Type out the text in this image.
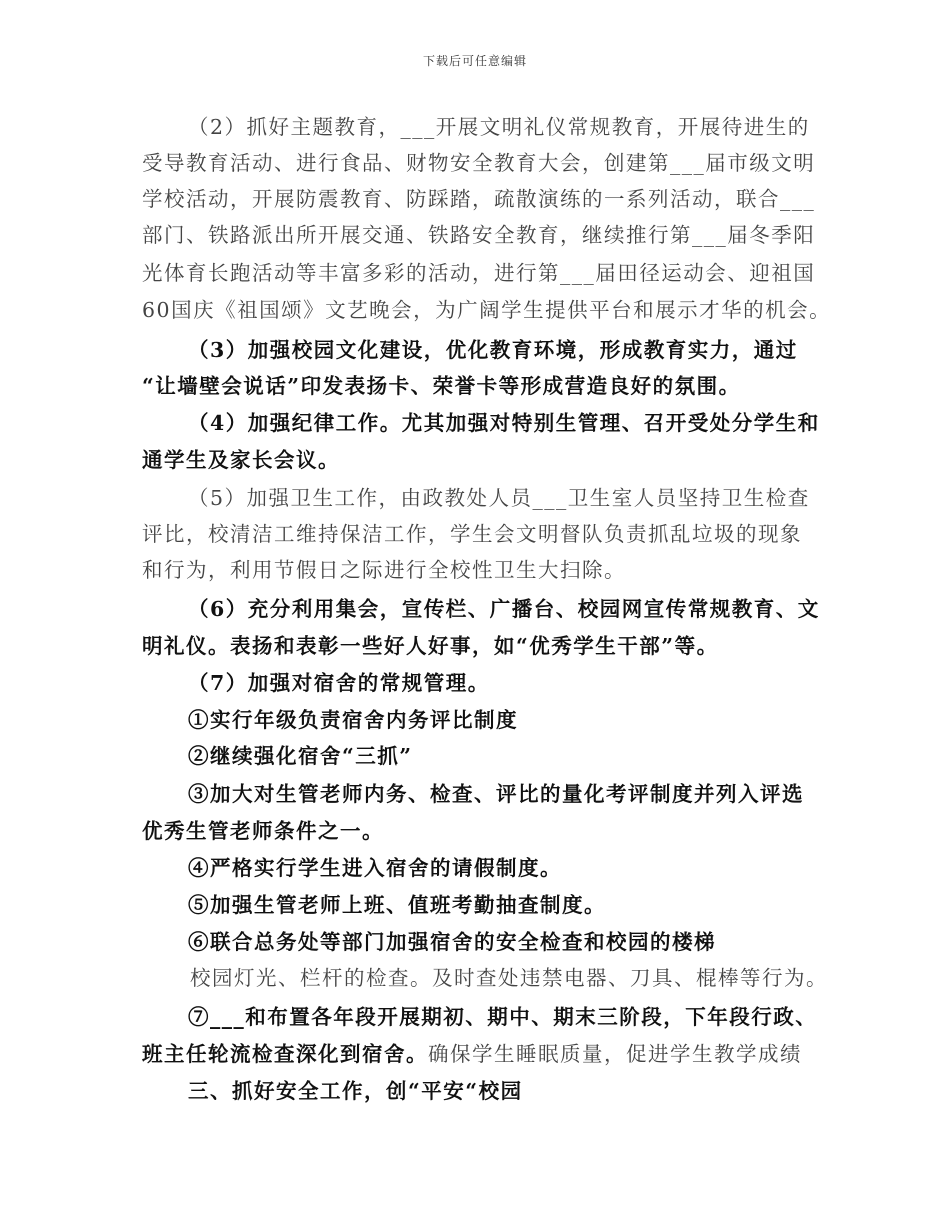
下载后可任意编辑
（2）抓好主题教育，___开展文明礼仪常规教育，开展待进生的
受导教育活动、进行食品、财物安全教育大会，创建第___届市级文明
学校活动，开展防震教育、防踩踏，疏散演练的一系列活动，联合___
部门、铁路派出所开展交通、铁路安全教育，继续推行第___届冬季阳
光体育长跑活动等丰富多彩的活动，进行第___届田径运动会、迎祖国
60国庆《祖国颂》文艺晚会，为广阔学生提供平台和展示才华的机会。
（3）加强校园文化建设，优化教育环境，形成教育实力，通过
“让墙壁会说话”印发表扬卡、荣誉卡等形成营造良好的氛围。
（4）加强纪律工作。尤其加强对特别生管理、召开受处分学生和
通学生及家长会议。
（5）加强卫生工作，由政教处人员___卫生室人员坚持卫生检查
评比，校清洁工维持保洁工作，学生会文明督队负责抓乱垃圾的现象
和行为，利用节假日之际进行全校性卫生大扫除。
（6）充分利用集会，宣传栏、广播台、校园网宣传常规教育、文
明礼仪。表扬和表彰一些好人好事，如“优秀学生干部”等。
（7）加强对宿舍的常规管理。
①实行年级负责宿舍内务评比制度
②继续强化宿舍“三抓”
③加大对生管老师内务、检查、评比的量化考评制度并列入评选
优秀生管老师条件之一。
④严格实行学生进入宿舍的请假制度。
⑤加强生管老师上班、值班考勤抽查制度。
⑥联合总务处等部门加强宿舍的安全检查和校园的楼梯
校园灯光、栏杆的检查。及时查处违禁电器、刀具、棍棒等行为。
⑦___和布置各年段开展期初、期中、期末三阶段，下年段行政、
班主任轮流检查深化到宿舍。确保学生睡眠质量，促进学生教学成绩
三、抓好安全工作，创“平安“校园
